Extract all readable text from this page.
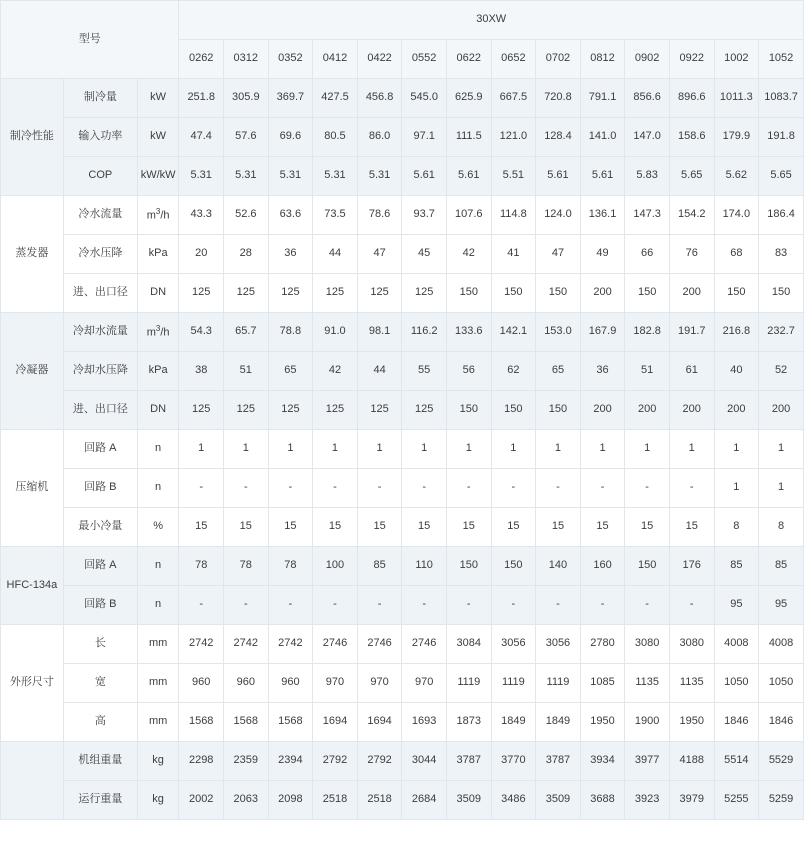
型号			30XW													
			0262	0312	0352	0412	0422	0552	0622	0652	0702	0812	0902	0922	1002	1052
制冷性能	制冷量	kW	251.8	305.9	369.7	427.5	456.8	545.0	625.9	667.5	720.8	791.1	856.6	896.6	1011.3	1083.7
	输入功率	kW	47.4	57.6	69.6	80.5	86.0	97.1	111.5	121.0	128.4	141.0	147.0	158.6	179.9	191.8
	COP	kW/kW	5.31	5.31	5.31	5.31	5.31	5.61	5.61	5.51	5.61	5.61	5.83	5.65	5.62	5.65
蒸发器	冷水流量	$m^3/h$	43.3	52.6	63.6	73.5	78.6	93.7	107.6	114.8	124.0	136.1	147.3	154.2	174.0	186.4
	冷水压降	kPa	20	28	36	44	47	45	42	41	47	49	66	76	68	83
	进、出口径	DN	125	125	125	125	125	125	150	150	150	200	150	200	150	150
冷凝器	冷却水流量	$m^3/h$	54.3	65.7	78.8	91.0	98.1	116.2	133.6	142.1	153.0	167.9	182.8	191.7	216.8	232.7
	冷却水压降	kPa	38	51	65	42	44	55	56	62	65	36	51	61	40	52
	进、出口径	DN	125	125	125	125	125	125	150	150	150	200	200	200	200	200
压缩机	回路 A	n	1	1	1	1	1	1	1	1	1	1	1	1	1	1
	回路 B	n	-	-	-	-	-	-	-	-	-	-	-	-	1	1
	最小冷量	%	15	15	15	15	15	15	15	15	15	15	15	15	8	8
HFC-134a	回路 A	n	78	78	78	100	85	110	150	150	140	160	150	176	85	85
	回路 B	n	-	-	-	-	-	-	-	-	-	-	-	-	95	95
外形尺寸	长	mm	2742	2742	2742	2746	2746	2746	3084	3056	3056	2780	3080	3080	4008	4008
	宽	mm	960	960	960	970	970	970	1119	1119	1119	1085	1135	1135	1050	1050
	高	mm	1568	1568	1568	1694	1694	1693	1873	1849	1849	1950	1900	1950	1846	1846
	机组重量	kg	2298	2359	2394	2792	2792	3044	3787	3770	3787	3934	3977	4188	5514	5529
	运行重量	kg	2002	2063	2098	2518	2518	2684	3509	3486	3509	3688	3923	3979	5255	5259
